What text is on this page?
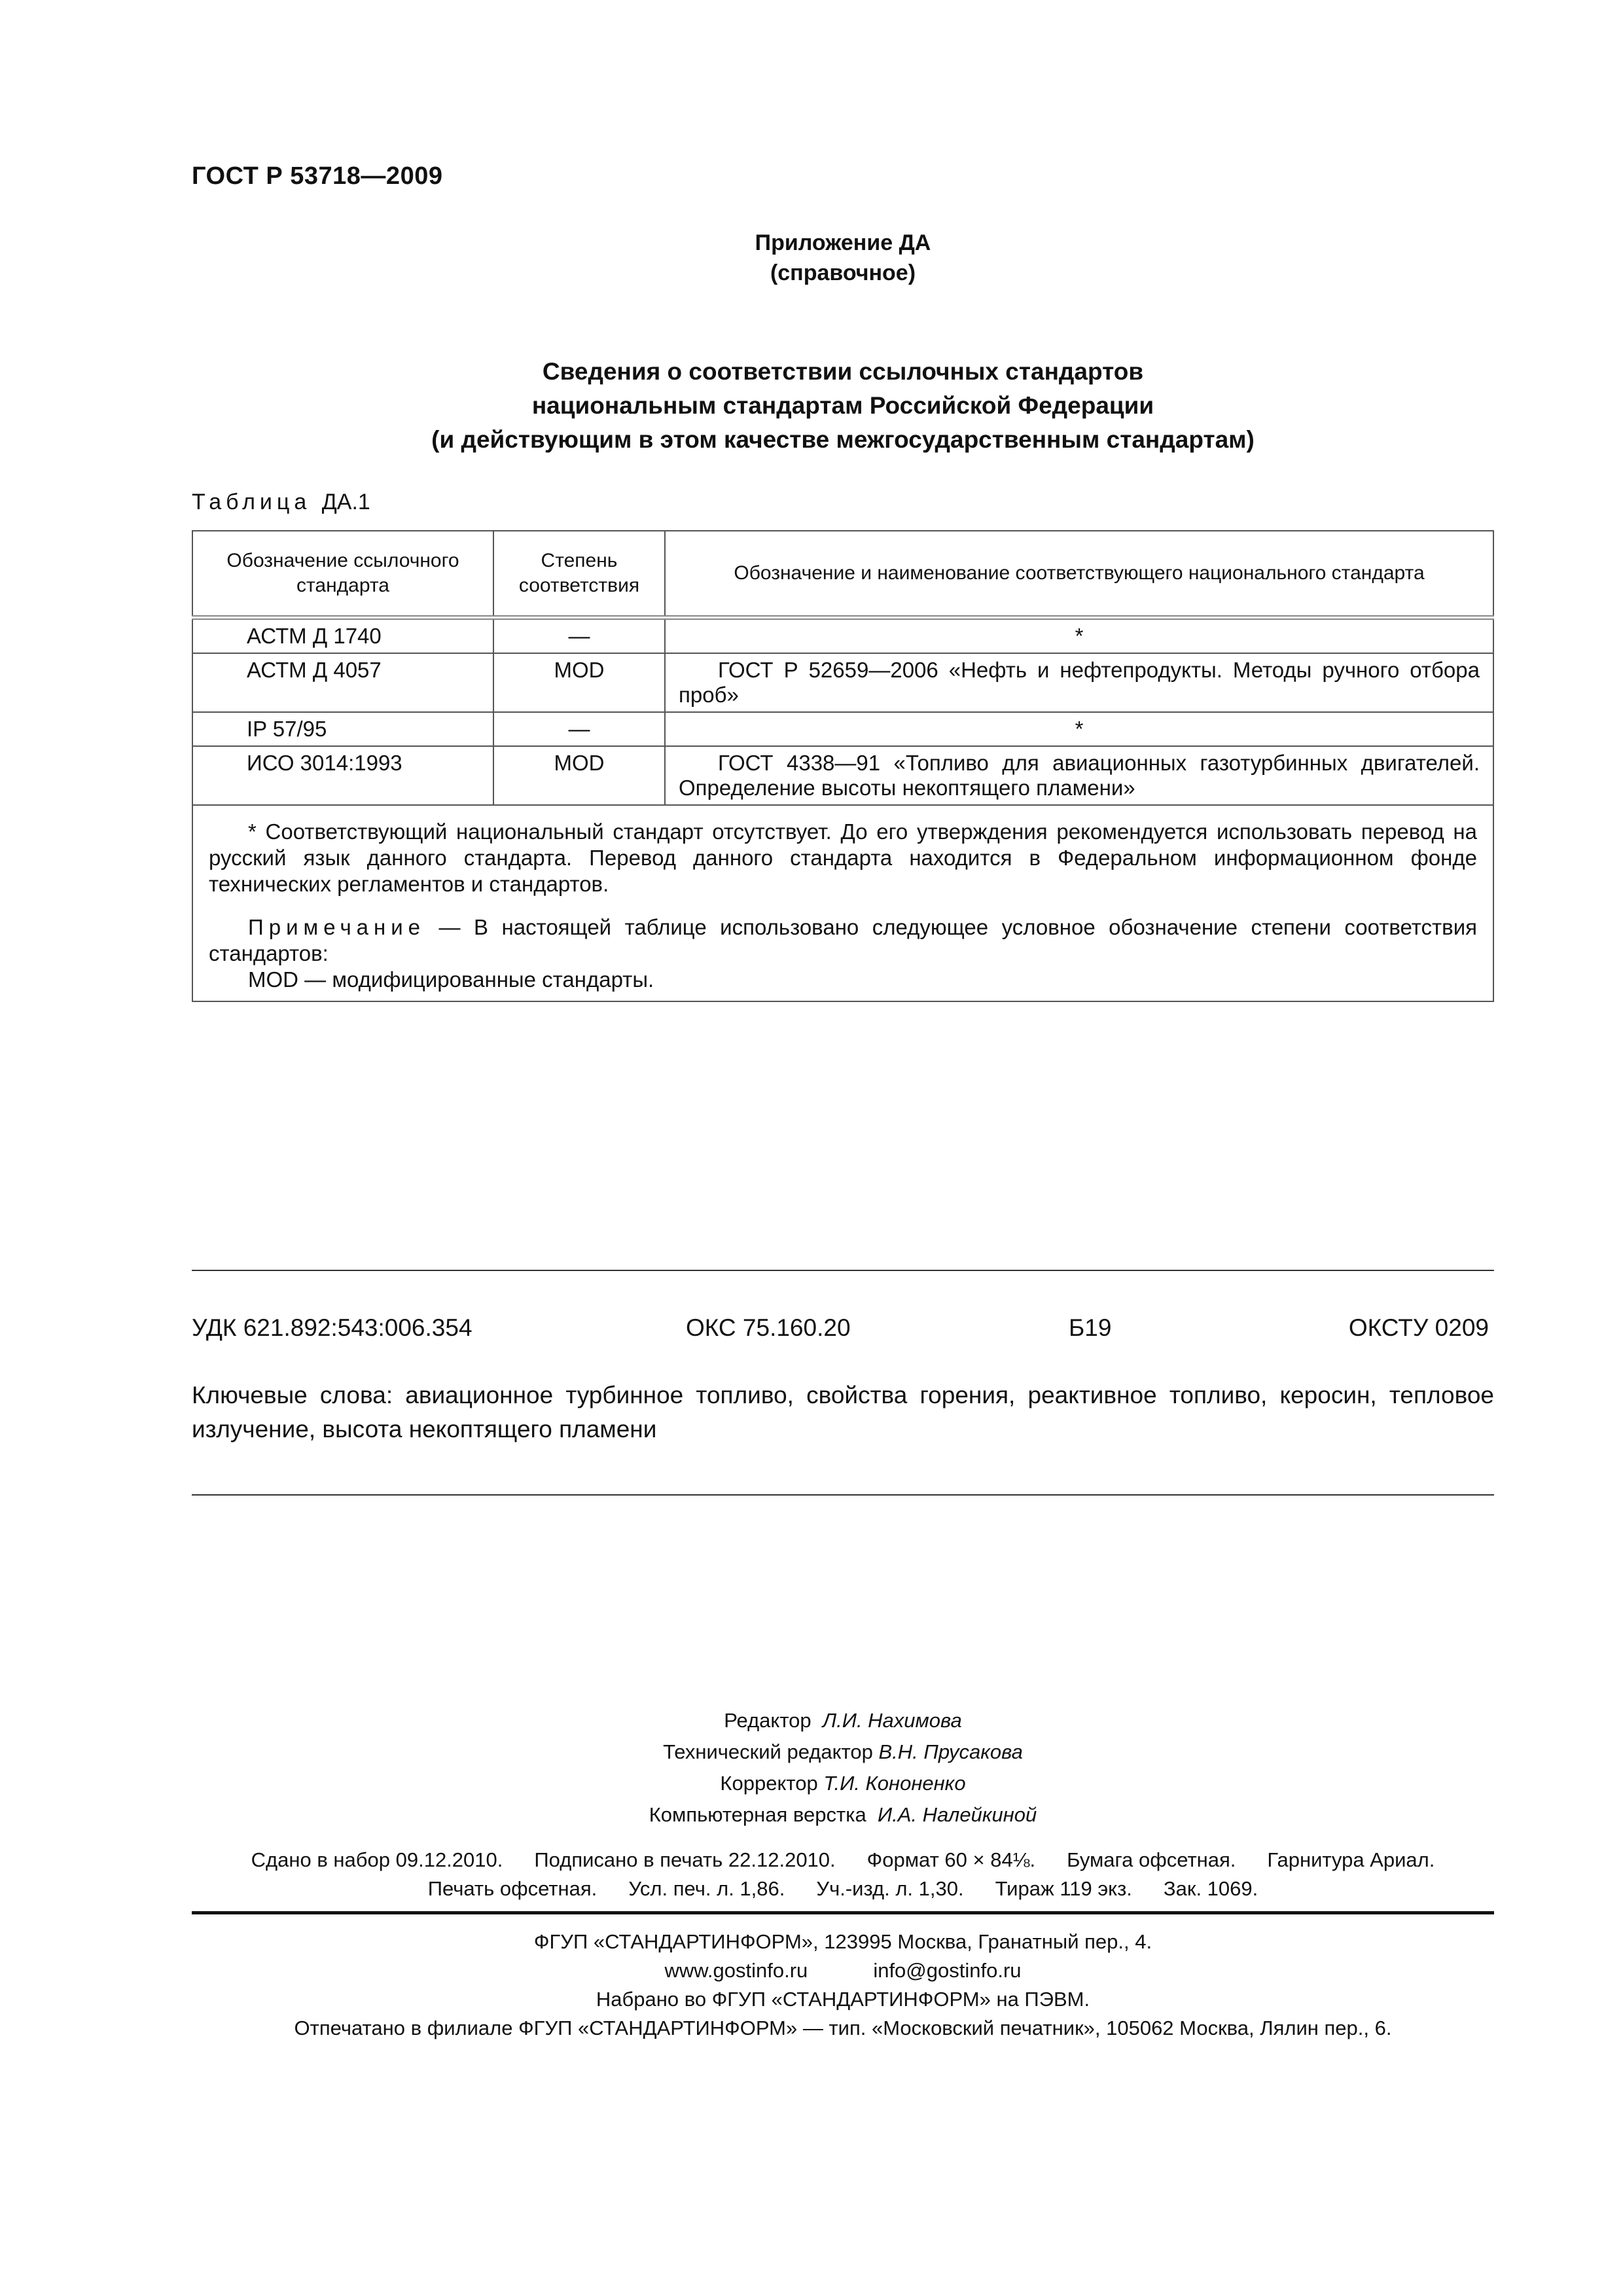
ГОСТ Р 53718—2009
Приложение ДА
(справочное)
Сведения о соответствии ссылочных стандартов
национальным стандартам Российской Федерации
(и действующим в этом качестве межгосударственным стандартам)
Таблица ДА.1
Обозначение ссылочного стандарта	Степень соответствия	Обозначение и наименование соответствующего национального стандарта
АСТМ Д 1740	—	*
АСТМ Д 4057	MOD	ГОСТ Р 52659—2006 «Нефть и нефтепродукты. Методы ручного отбора проб»
IP 57/95	—	*
ИСО 3014:1993	MOD	ГОСТ 4338—91 «Топливо для авиационных газотурбинных двигателей. Определение высоты некоптящего пламени»

* Соответствующий национальный стандарт отсутствует. До его утверждения рекомендуется использовать перевод на русский язык данного стандарта. Перевод данного стандарта находится в Федеральном информационном фонде технических регламентов и стандартов.

Примечание — В настоящей таблице использовано следующее условное обозначение степени соответствия стандартов:

MOD — модифицированные стандарты.		

УДК 621.892:543:006.354	ОКС 75.160.20	Б19	ОКСТУ 0209
Ключевые слова: авиационное турбинное топливо, свойства горения, реактивное топливо, керосин, тепловое излучение, высота некоптящего пламени
Редактор Л.И. Нахимова
Технический редактор В.Н. Прусакова
Корректор Т.И. Кононенко
Компьютерная верстка И.А. Налейкиной
Сдано в набор 09.12.2010. Подписано в печать 22.12.2010. Формат 60 × 84⅛. Бумага офсетная. Гарнитура Ариал.
Печать офсетная. Усл. печ. л. 1,86. Уч.-изд. л. 1,30. Тираж 119 экз. Зак. 1069.
ФГУП «СТАНДАРТИНФОРМ», 123995 Москва, Гранатный пер., 4.
www.gostinfo.ru	info@gostinfo.ru
Набрано во ФГУП «СТАНДАРТИНФОРМ» на ПЭВМ.
Отпечатано в филиале ФГУП «СТАНДАРТИНФОРМ» — тип. «Московский печатник», 105062 Москва, Лялин пер., 6.
